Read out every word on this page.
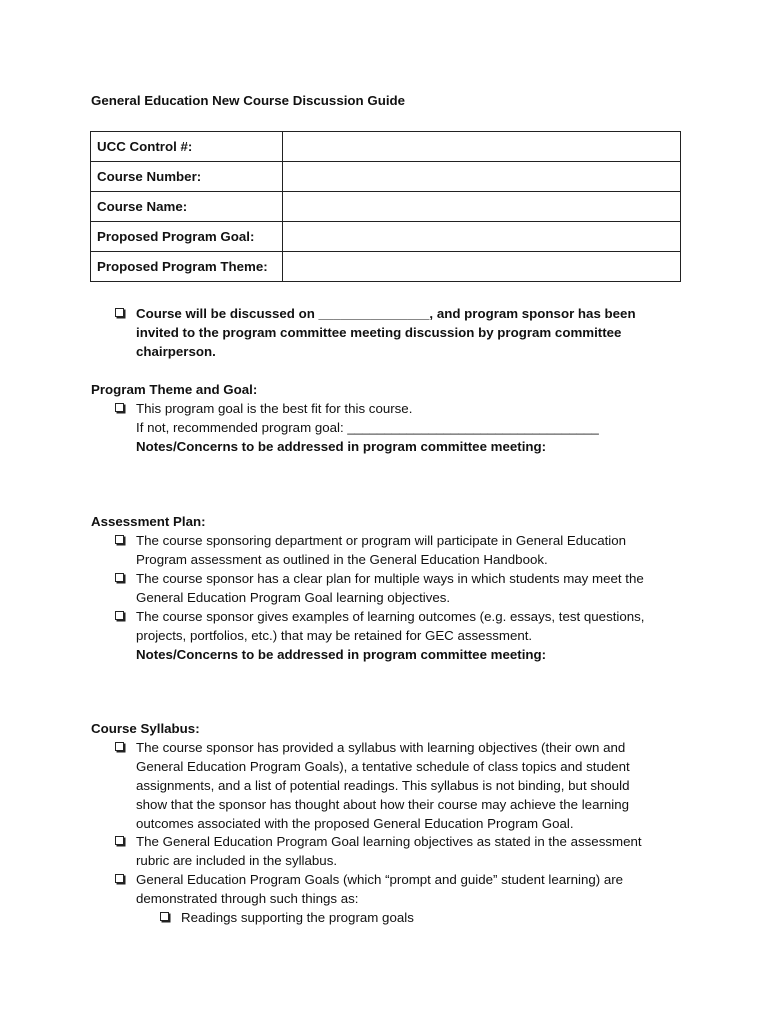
General Education New Course Discussion Guide
UCC Control #:	
Course Number:	
Course Name:	
Proposed Program Goal:	
Proposed Program Theme:	
Course will be discussed on _______________, and program sponsor has been
invited to the program committee meeting discussion by program committee
chairperson.
Program Theme and Goal:
This program goal is the best fit for this course.
If not, recommended program goal: __________________________________
Notes/Concerns to be addressed in program committee meeting:
Assessment Plan:
The course sponsoring department or program will participate in General Education
Program assessment as outlined in the General Education Handbook.
The course sponsor has a clear plan for multiple ways in which students may meet the
General Education Program Goal learning objectives.
The course sponsor gives examples of learning outcomes (e.g. essays, test questions,
projects, portfolios, etc.) that may be retained for GEC assessment.
Notes/Concerns to be addressed in program committee meeting:
Course Syllabus:
The course sponsor has provided a syllabus with learning objectives (their own and
General Education Program Goals), a tentative schedule of class topics and student
assignments, and a list of potential readings. This syllabus is not binding, but should
show that the sponsor has thought about how their course may achieve the learning
outcomes associated with the proposed General Education Program Goal.
The General Education Program Goal learning objectives as stated in the assessment
rubric are included in the syllabus.
General Education Program Goals (which “prompt and guide” student learning) are
demonstrated through such things as:
Readings supporting the program goals
